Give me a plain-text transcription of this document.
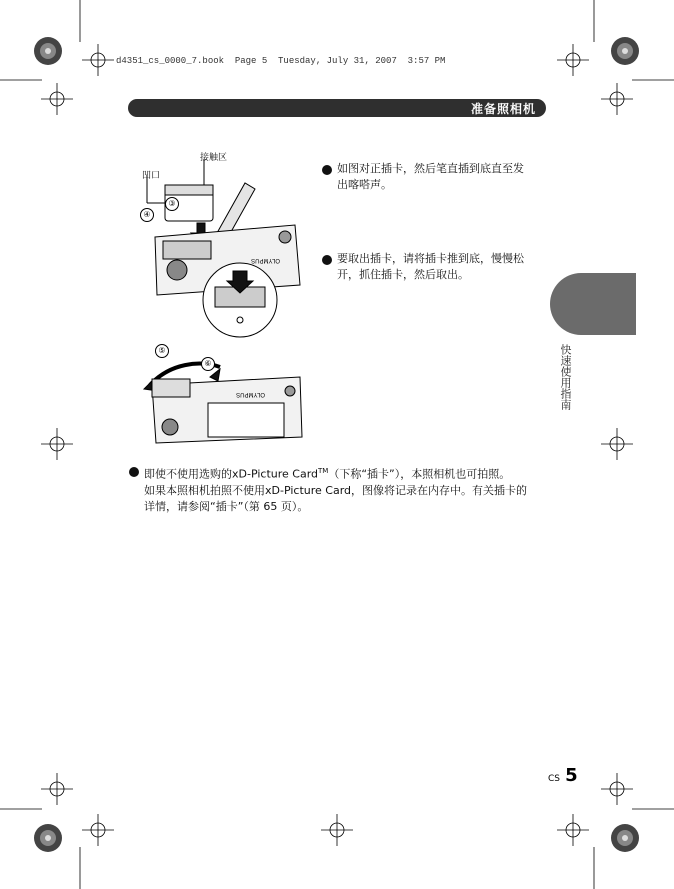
d4351_cs_0000_7.book  Page 5  Tuesday, July 31, 2007  3:57 PM
准备照相机
OLYMPUS
接触区
凹口
③
④
OLYMPUS
⑤
⑥
如图对正插卡，然后笔直插到底直至发
出喀嗒声。
要取出插卡，请将插卡推到底，慢慢松
开，抓住插卡，然后取出。
即使不使用选购的xD-Picture Card™（下称“插卡”），本照相机也可拍照。
如果本照相机拍照不使用xD-Picture Card，图像将记录在内存中。有关插卡的
详情，请参阅“插卡”（第 65 页）。
快速使用指南
CS 5
